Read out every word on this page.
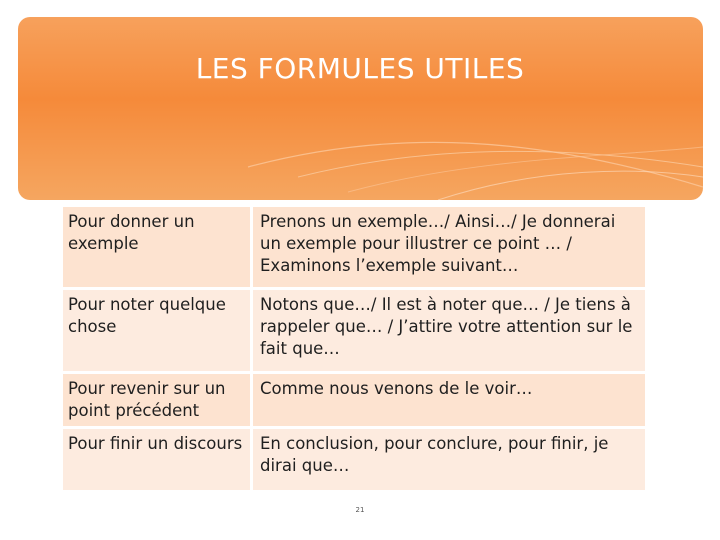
LES FORMULES UTILES
Pour donner un exemple
Prenons un exemple…/ Ainsi…/ Je donnerai un exemple pour illustrer ce point … / Examinons l’exemple suivant…
Pour noter quelque chose
Notons que…/ Il est à noter que… / Je tiens à rappeler que… / J’attire votre attention sur le fait que…
Pour revenir sur un point précédent
Comme nous venons de le voir…
Pour finir un discours	En conclusion, pour conclure, pour finir, je dirai que…
21
